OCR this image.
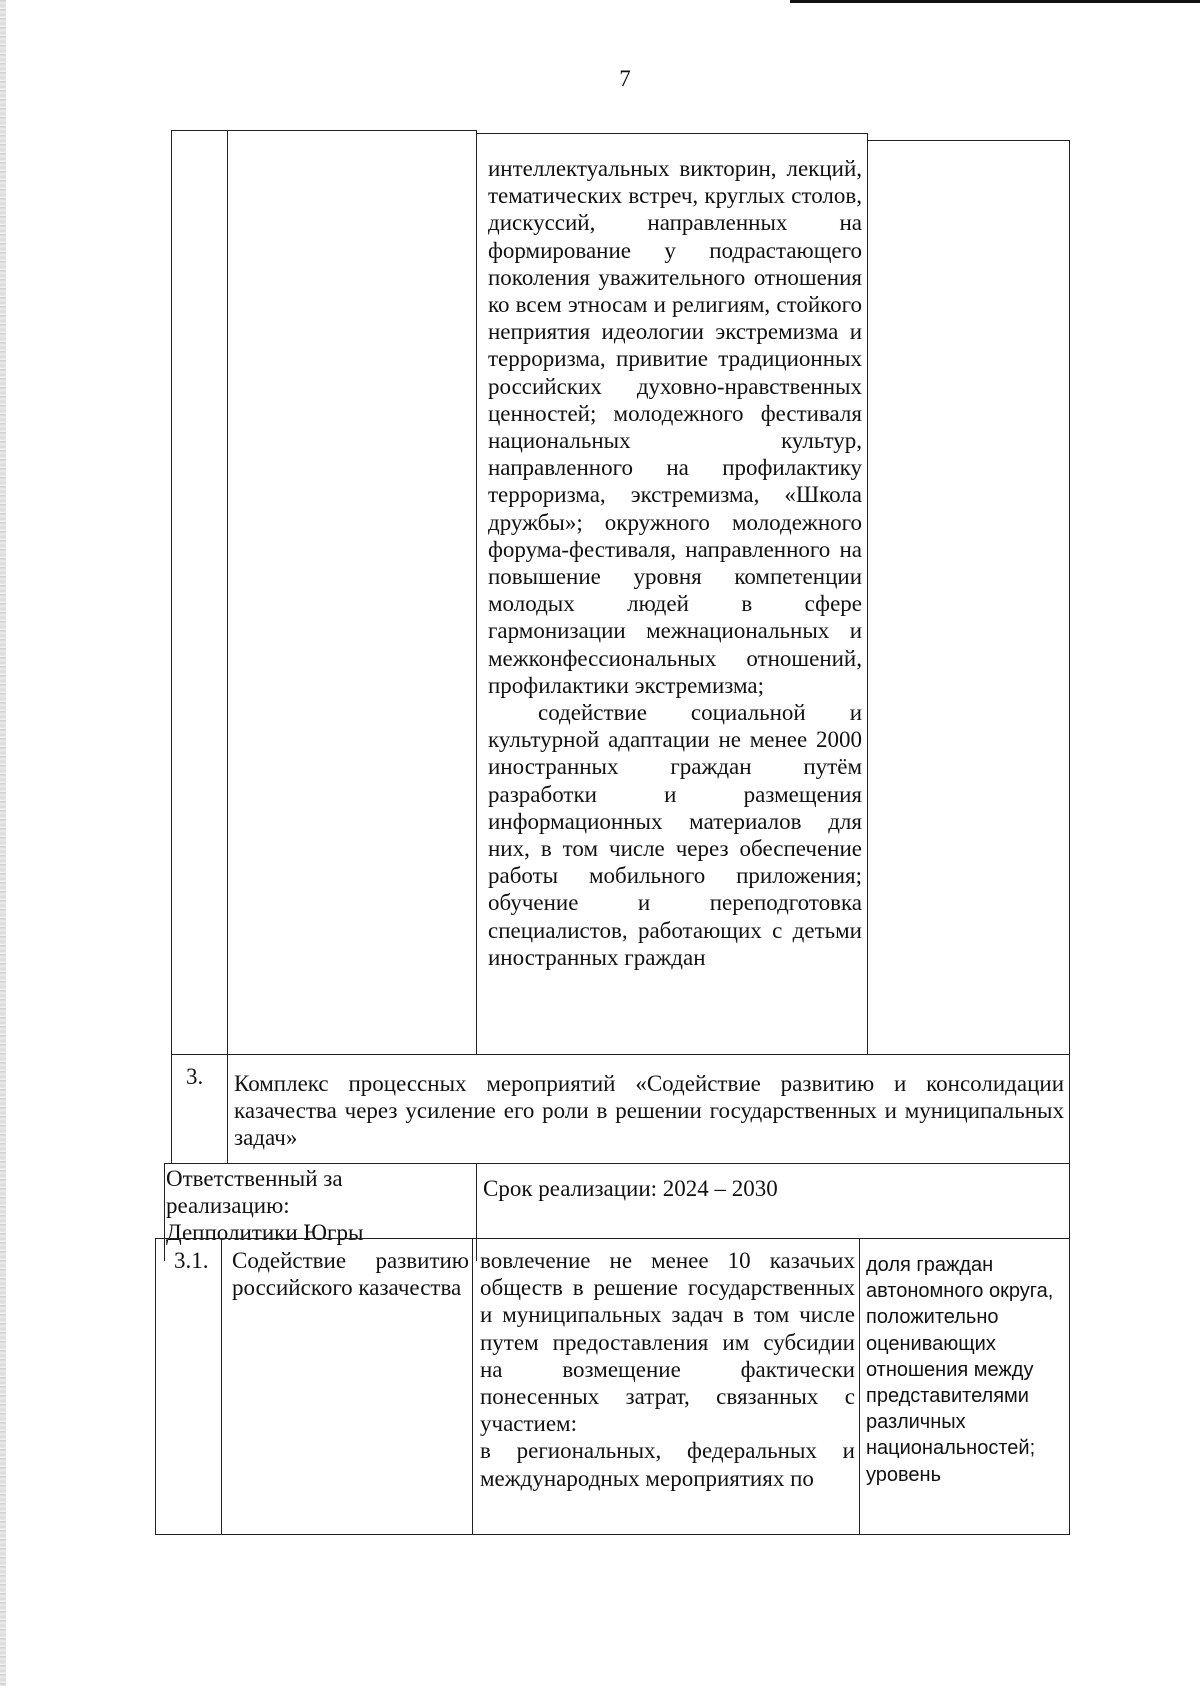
7
интеллектуальных викторин, лекций, тематических встреч, круглых столов, дискуссий, направленных на формирование у подрастающего поколения уважительного отношения ко всем этносам и религиям, стойкого неприятия идеологии экстремизма и терроризма, привитие традиционных российских духовно-нравственных ценностей; молодежного фестиваля национальных культур, направленного на профилактику терроризма, экстремизма, «Школа дружбы»; окружного молодежного форума-фестиваля, направленного на повышение уровня компетенции молодых людей в сфере гармонизации межнациональных и межконфессиональных отношений, профилактики экстремизма;
содействие социальной и культурной адаптации не менее 2000 иностранных граждан путём разработки и размещения информационных материалов для них, в том числе через обеспечение работы мобильного приложения; обучение и переподготовка специалистов, работающих с детьми иностранных граждан
3. Комплекс процессных мероприятий «Содействие развитию и консолидации казачества через усиление его роли в решении государственных и муниципальных задач»
Ответственный за
реализацию:
Депполитики Югры
Срок реализации: 2024 – 2030
3.1. Содействие развитию российского казачества
вовлечение не менее 10 казачьих обществ в решение государственных и муниципальных задач в том числе путем предоставления им субсидии на возмещение фактически понесенных затрат, связанных с участием:
в региональных, федеральных и международных мероприятиях по
доля граждан автономного округа, положительно оценивающих отношения между представителями различных национальностей; уровень
